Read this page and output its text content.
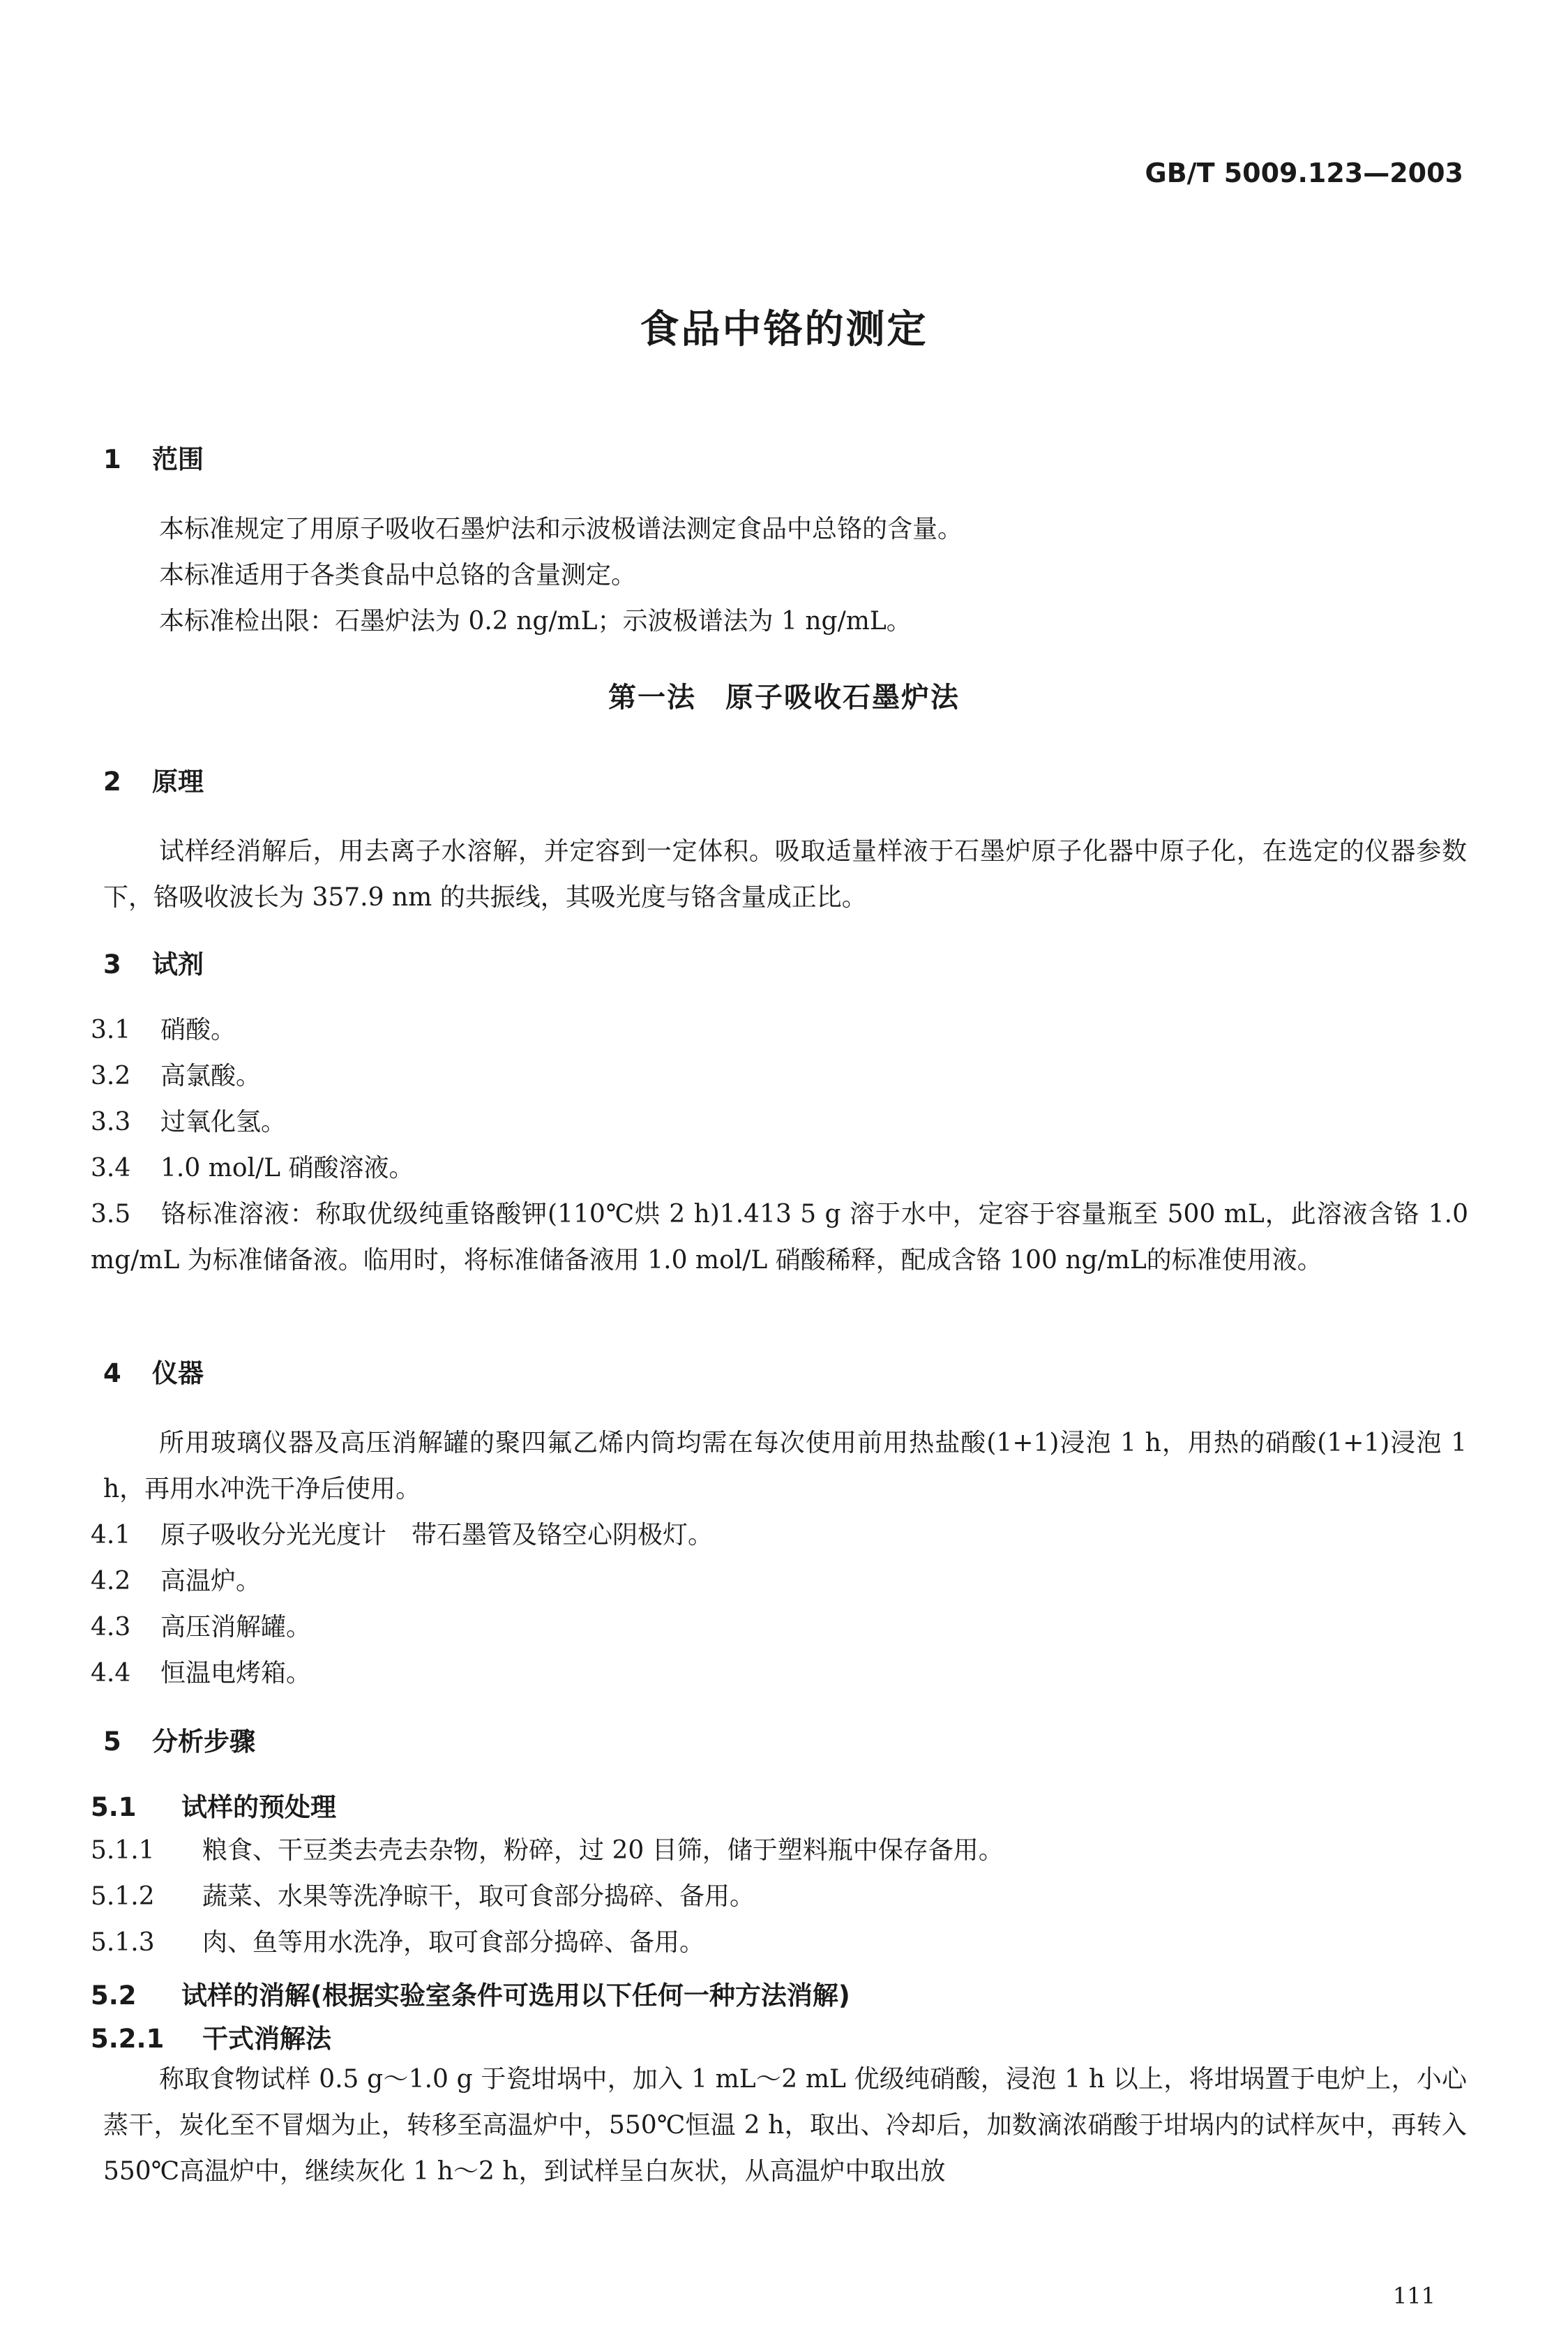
GB/T 5009.123—2003
食品中铬的测定
1 范围
本标准规定了用原子吸收石墨炉法和示波极谱法测定食品中总铬的含量。
本标准适用于各类食品中总铬的含量测定。
本标准检出限：石墨炉法为 0.2 ng/mL；示波极谱法为 1 ng/mL。
第一法　原子吸收石墨炉法
2 原理
试样经消解后，用去离子水溶解，并定容到一定体积。吸取适量样液于石墨炉原子化器中原子化，在选定的仪器参数下，铬吸收波长为 357.9 nm 的共振线，其吸光度与铬含量成正比。
3 试剂
3.1 硝酸。
3.2 高氯酸。
3.3 过氧化氢。
3.4 1.0 mol/L 硝酸溶液。
3.5 铬标准溶液：称取优级纯重铬酸钾(110℃烘 2 h)1.413 5 g 溶于水中，定容于容量瓶至 500 mL，此溶液含铬 1.0 mg/mL 为标准储备液。临用时，将标准储备液用 1.0 mol/L 硝酸稀释，配成含铬 100 ng/mL的标准使用液。
4 仪器
所用玻璃仪器及高压消解罐的聚四氟乙烯内筒均需在每次使用前用热盐酸(1+1)浸泡 1 h，用热的硝酸(1+1)浸泡 1 h，再用水冲洗干净后使用。
4.1 原子吸收分光光度计　带石墨管及铬空心阴极灯。
4.2 高温炉。
4.3 高压消解罐。
4.4 恒温电烤箱。
5 分析步骤
5.1 试样的预处理
5.1.1 粮食、干豆类去壳去杂物，粉碎，过 20 目筛，储于塑料瓶中保存备用。
5.1.2 蔬菜、水果等洗净晾干，取可食部分捣碎、备用。
5.1.3 肉、鱼等用水洗净，取可食部分捣碎、备用。
5.2 试样的消解(根据实验室条件可选用以下任何一种方法消解)
5.2.1 干式消解法
称取食物试样 0.5 g～1.0 g 于瓷坩埚中，加入 1 mL～2 mL 优级纯硝酸，浸泡 1 h 以上，将坩埚置于电炉上，小心蒸干，炭化至不冒烟为止，转移至高温炉中，550℃恒温 2 h，取出、冷却后，加数滴浓硝酸于坩埚内的试样灰中，再转入 550℃高温炉中，继续灰化 1 h～2 h，到试样呈白灰状，从高温炉中取出放
111
